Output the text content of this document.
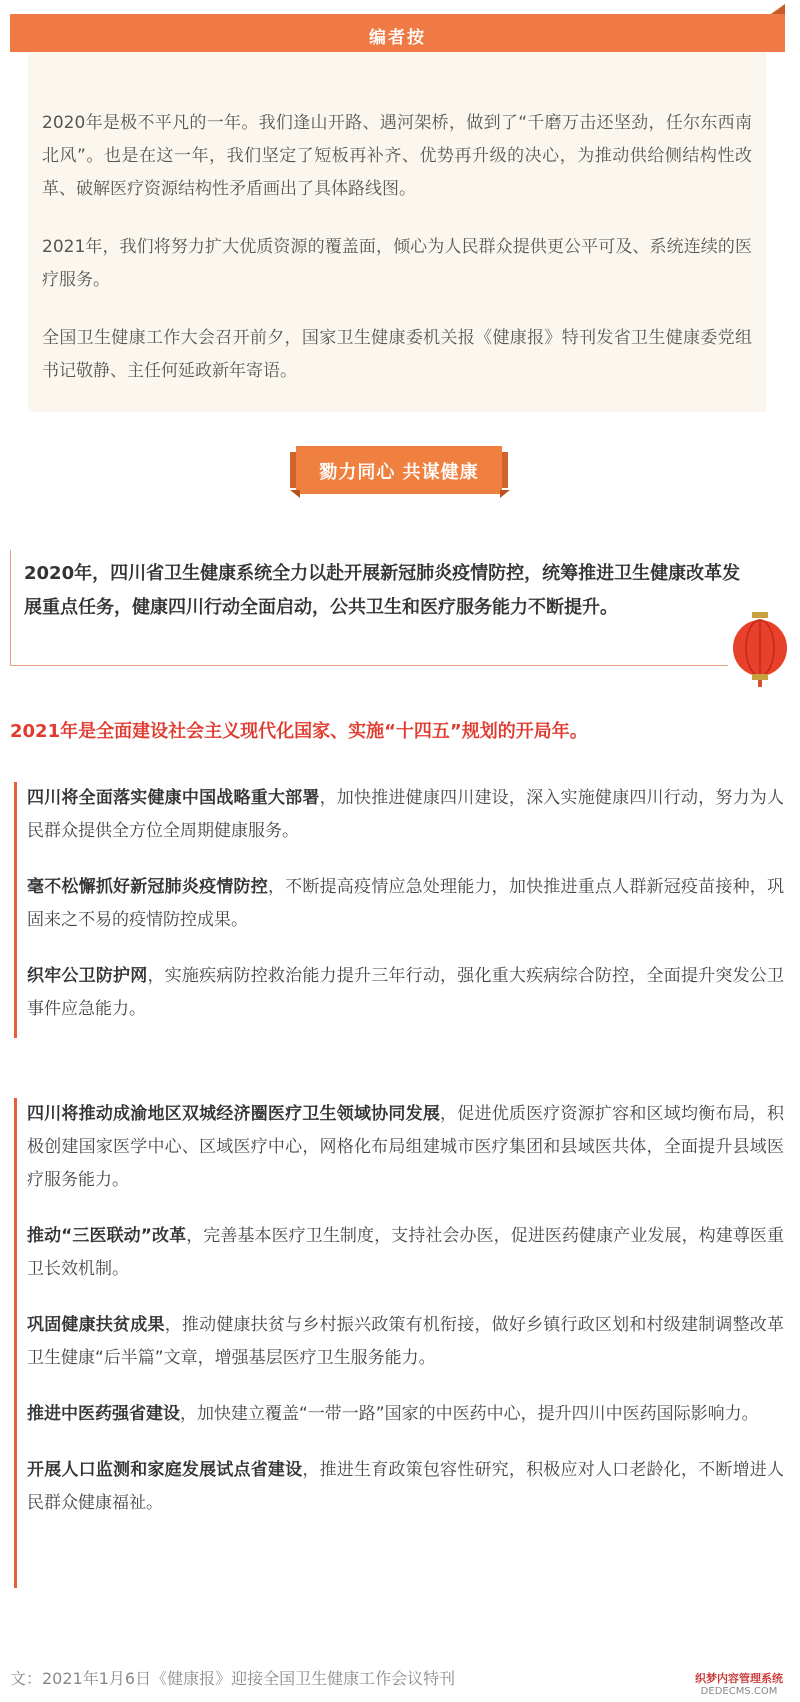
编者按

2020年是极不平凡的一年。我们逢山开路、遇河架桥，做到了“千磨万击还坚劲，任尔东西南北风”。也是在这一年，我们坚定了短板再补齐、优势再升级的决心，为推动供给侧结构性改革、破解医疗资源结构性矛盾画出了具体路线图。

2021年，我们将努力扩大优质资源的覆盖面，倾心为人民群众提供更公平可及、系统连续的医疗服务。

全国卫生健康工作大会召开前夕，国家卫生健康委机关报《健康报》特刊发省卫生健康委党组书记敬静、主任何延政新年寄语。

勠力同心 共谋健康
2020年，四川省卫生健康系统全力以赴开展新冠肺炎疫情防控，统筹推进卫生健康改革发展重点任务，健康四川行动全面启动，公共卫生和医疗服务能力不断提升。
2021年是全面建设社会主义现代化国家、实施“十四五”规划的开局年。
四川将全面落实健康中国战略重大部署，加快推进健康四川建设，深入实施健康四川行动，努力为人民群众提供全方位全周期健康服务。
毫不松懈抓好新冠肺炎疫情防控，不断提高疫情应急处理能力，加快推进重点人群新冠疫苗接种，巩固来之不易的疫情防控成果。
织牢公卫防护网，实施疾病防控救治能力提升三年行动，强化重大疾病综合防控，全面提升突发公卫事件应急能力。
四川将推动成渝地区双城经济圈医疗卫生领域协同发展，促进优质医疗资源扩容和区域均衡布局，积极创建国家医学中心、区域医疗中心，网格化布局组建城市医疗集团和县域医共体，全面提升县域医疗服务能力。
推动“三医联动”改革，完善基本医疗卫生制度，支持社会办医，促进医药健康产业发展，构建尊医重卫长效机制。
巩固健康扶贫成果，推动健康扶贫与乡村振兴政策有机衔接，做好乡镇行政区划和村级建制调整改革卫生健康“后半篇”文章，增强基层医疗卫生服务能力。
推进中医药强省建设，加快建立覆盖“一带一路”国家的中医药中心，提升四川中医药国际影响力。
开展人口监测和家庭发展试点省建设，推进生育政策包容性研究，积极应对人口老龄化，不断增进人民群众健康福祉。
文：2021年1月6日《健康报》迎接全国卫生健康工作会议特刊	织梦内容管理系统
DEDECMS.COM
